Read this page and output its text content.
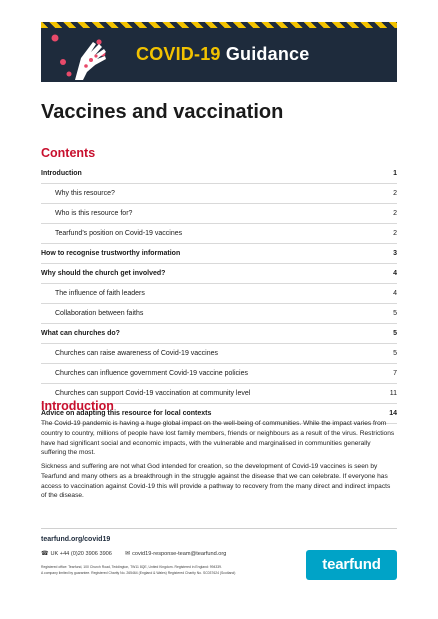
COVID-19 Guidance
Vaccines and vaccination
Contents
Introduction	1
Why this resource?	2
Who is this resource for?	2
Tearfund’s position on Covid-19 vaccines	2
How to recognise trustworthy information	3
Why should the church get involved?	4
The influence of faith leaders	4
Collaboration between faiths	5
What can churches do?	5
Churches can raise awareness of Covid-19 vaccines	5
Churches can influence government Covid-19 vaccine policies	7
Churches can support Covid-19 vaccination at community level	11
Advice on adapting this resource for local contexts	14
Introduction

The Covid-19 pandemic is having a huge global impact on the well-being of communities. While the impact varies from country to country, millions of people have lost family members, friends or neighbours as a result of the virus. Restrictions have had significant social and economic impacts, with the vulnerable and marginalised in communities generally suffering the most.

Sickness and suffering are not what God intended for creation, so the development of Covid-19 vaccines is seen by Tearfund and many others as a breakthrough in the struggle against the disease that we can celebrate. If everyone has access to vaccination against Covid-19 this will provide a pathway to recovery from the many direct and indirect impacts of the disease.

tearfund.org/covid19
☎ UK +44 (0)20 3906 3906 ✉ covid19-response-team@tearfund.org
Registered office: Tearfund, 100 Church Road, Teddington, TW11 8QE, United Kingdom. Registered in England: 994339.
A company limited by guarantee. Registered Charity No. 265464 (England & Wales) Registered Charity No. SC037624 (Scotland)	tearfund
